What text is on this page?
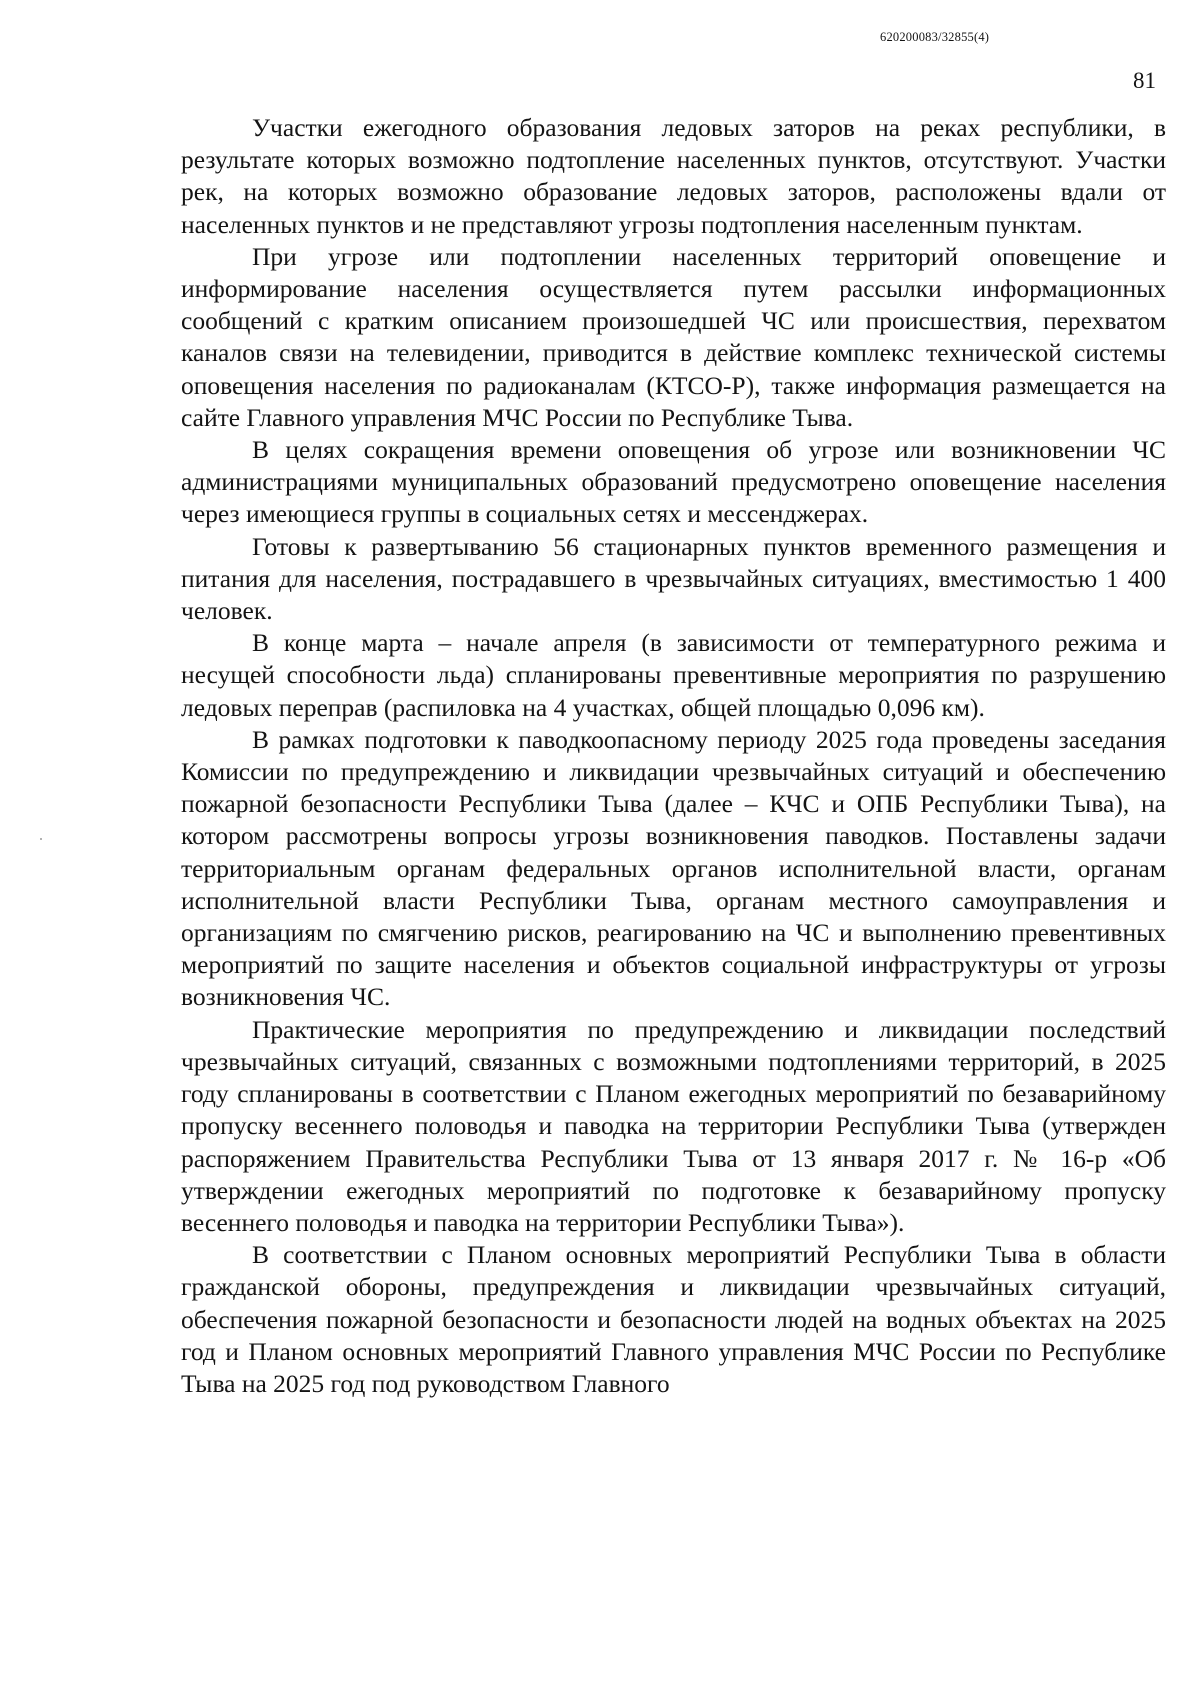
620200083/32855(4)
81

Участки ежегодного образования ледовых заторов на реках республики, в результате которых возможно подтопление населенных пунктов, отсутствуют. Участки рек, на которых возможно образование ледовых заторов, расположены вдали от населенных пунктов и не представляют угрозы подтопления населенным пунктам.

При угрозе или подтоплении населенных территорий оповещение и информирование населения осуществляется путем рассылки информационных сообщений с кратким описанием произошедшей ЧС или происшествия, перехватом каналов связи на телевидении, приводится в действие комплекс технической системы оповещения населения по радиоканалам (КТСО-Р), также информация размещается на сайте Главного управления МЧС России по Республике Тыва.

В целях сокращения времени оповещения об угрозе или возникновении ЧС администрациями муниципальных образований предусмотрено оповещение населения через имеющиеся группы в социальных сетях и мессенджерах.

Готовы к развертыванию 56 стационарных пунктов временного размещения и питания для населения, пострадавшего в чрезвычайных ситуациях, вместимостью 1 400 человек.

В конце марта – начале апреля (в зависимости от температурного режима и несущей способности льда) спланированы превентивные мероприятия по разрушению ледовых переправ (распиловка на 4 участках, общей площадью 0,096 км).

В рамках подготовки к паводкоопасному периоду 2025 года проведены заседания Комиссии по предупреждению и ликвидации чрезвычайных ситуаций и обеспечению пожарной безопасности Республики Тыва (далее – КЧС и ОПБ Республики Тыва), на котором рассмотрены вопросы угрозы возникновения паводков. Поставлены задачи территориальным органам федеральных органов исполнительной власти, органам исполнительной власти Республики Тыва, органам местного самоуправления и организациям по смягчению рисков, реагированию на ЧС и выполнению превентивных мероприятий по защите населения и объектов социальной инфраструктуры от угрозы возникновения ЧС.

Практические мероприятия по предупреждению и ликвидации последствий чрезвычайных ситуаций, связанных с возможными подтоплениями территорий, в 2025 году спланированы в соответствии с Планом ежегодных мероприятий по безаварийному пропуску весеннего половодья и паводка на территории Республики Тыва (утвержден распоряжением Правительства Республики Тыва от 13 января 2017 г. № 16-р «Об утверждении ежегодных мероприятий по подготовке к безаварийному пропуску весеннего половодья и паводка на территории Республики Тыва»).

В соответствии с Планом основных мероприятий Республики Тыва в области гражданской обороны, предупреждения и ликвидации чрезвычайных ситуаций, обеспечения пожарной безопасности и безопасности людей на водных объектах на 2025 год и Планом основных мероприятий Главного управления МЧС России по Республике Тыва на 2025 год под руководством Главного
